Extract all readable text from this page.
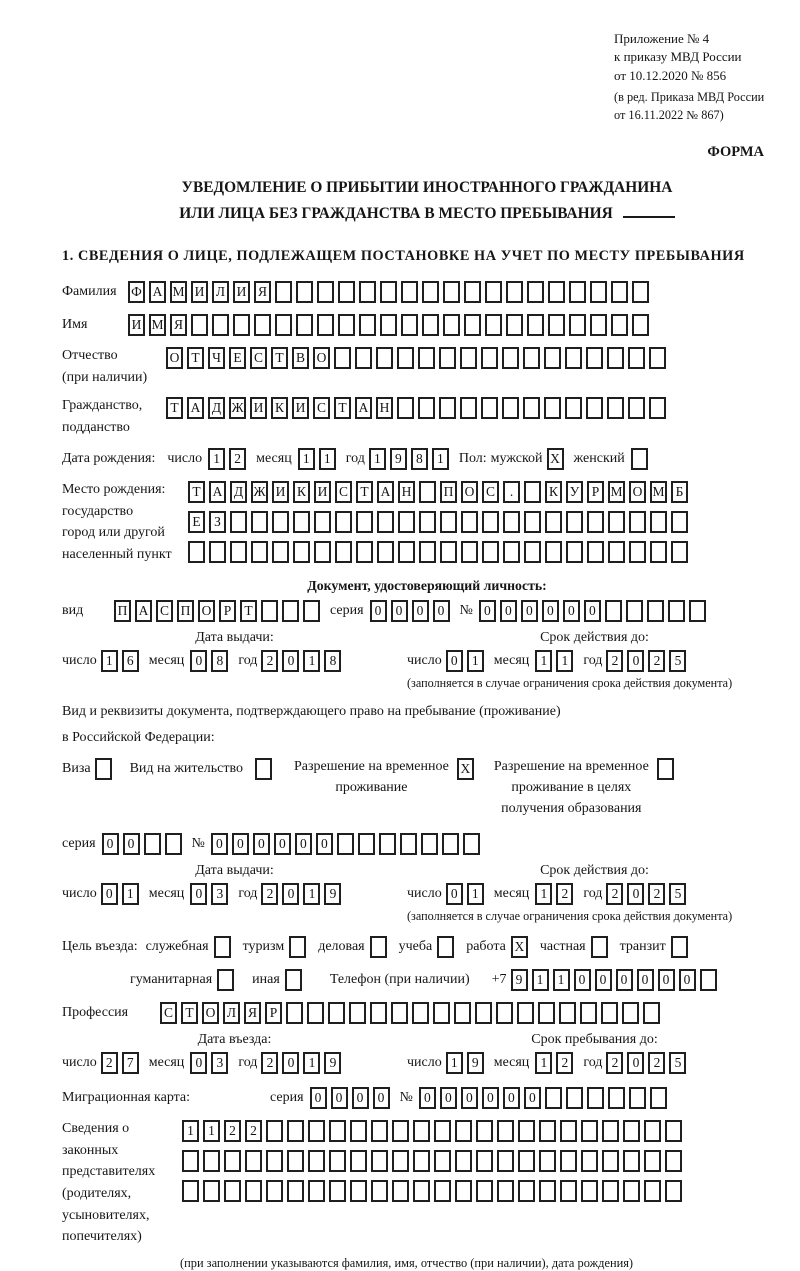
Приложение № 4
к приказу МВД России
от 10.12.2020 № 856
(в ред. Приказа МВД России
от 16.11.2022 № 867)
ФОРМА
УВЕДОМЛЕНИЕ О ПРИБЫТИИ ИНОСТРАННОГО ГРАЖДАНИНА
ИЛИ ЛИЦА БЕЗ ГРАЖДАНСТВА В МЕСТО ПРЕБЫВАНИЯ
1. СВЕДЕНИЯ О ЛИЦЕ, ПОДЛЕЖАЩЕМ ПОСТАНОВКЕ НА УЧЕТ ПО МЕСТУ ПРЕБЫВАНИЯ
Фамилия	Ф А М И Л И Я
Имя	И М Я
Отчество
(при наличии)
О Т Ч Е С Т В О
Гражданство,
подданство
Т А Д Ж И К И С Т А Н
Дата рождения: число 1	2	месяц 1	1	год 1	9	8	1	Пол: мужской X женский
Место рождения:
государство
город или другой
населенный пункт
Т А Д Ж И К И С Т А Н П О С	.	К У Р М О М Б
Е З
Документ, удостоверяющий личность:
вид	П А С П О Р Т	серия 0	0	0	0	№ 0	0	0	0	0	0
Дата выдачи:
число 1	6	месяц 0	8	год 2	0	1	8
Срок действия до:
число 0	1	месяц 1	1	год 2	0	2	5
(заполняется в случае ограничения срока действия документа)
Вид и реквизиты документа, подтверждающего право на пребывание (проживание)
в Российской Федерации:
Виза	Вид на жительство	Разрешение на временное
проживание
X Разрешение на временное
проживание в целях
получения образования
серия 0	0	№ 0	0	0	0	0	0
Дата выдачи:
число 0	1	месяц 0	3	год 2	0	1	9
Срок действия до:
число 0	1	месяц 1	2	год 2	0	2	5
(заполняется в случае ограничения срока действия документа)
Цель въезда: служебная туризм деловая учеба работа X частная транзит
гуманитарная	иная	Телефон (при наличии) +7 9	1	1	0	0	0	0	0	0
Профессия	С Т О Л Я Р
Дата въезда:
число 2	7	месяц 0	3	год 2	0	1	9
Срок пребывания до:
число 1	9	месяц 1	2	год 2	0	2	5
Миграционная карта:	серия 0	0	0	0	№ 0	0	0	0	0	0
Сведения о
законных
представителях
(родителях,
усыновителях,
попечителях)
1	1	2	2
(при заполнении указываются фамилия, имя, отчество (при наличии), дата рождения)
